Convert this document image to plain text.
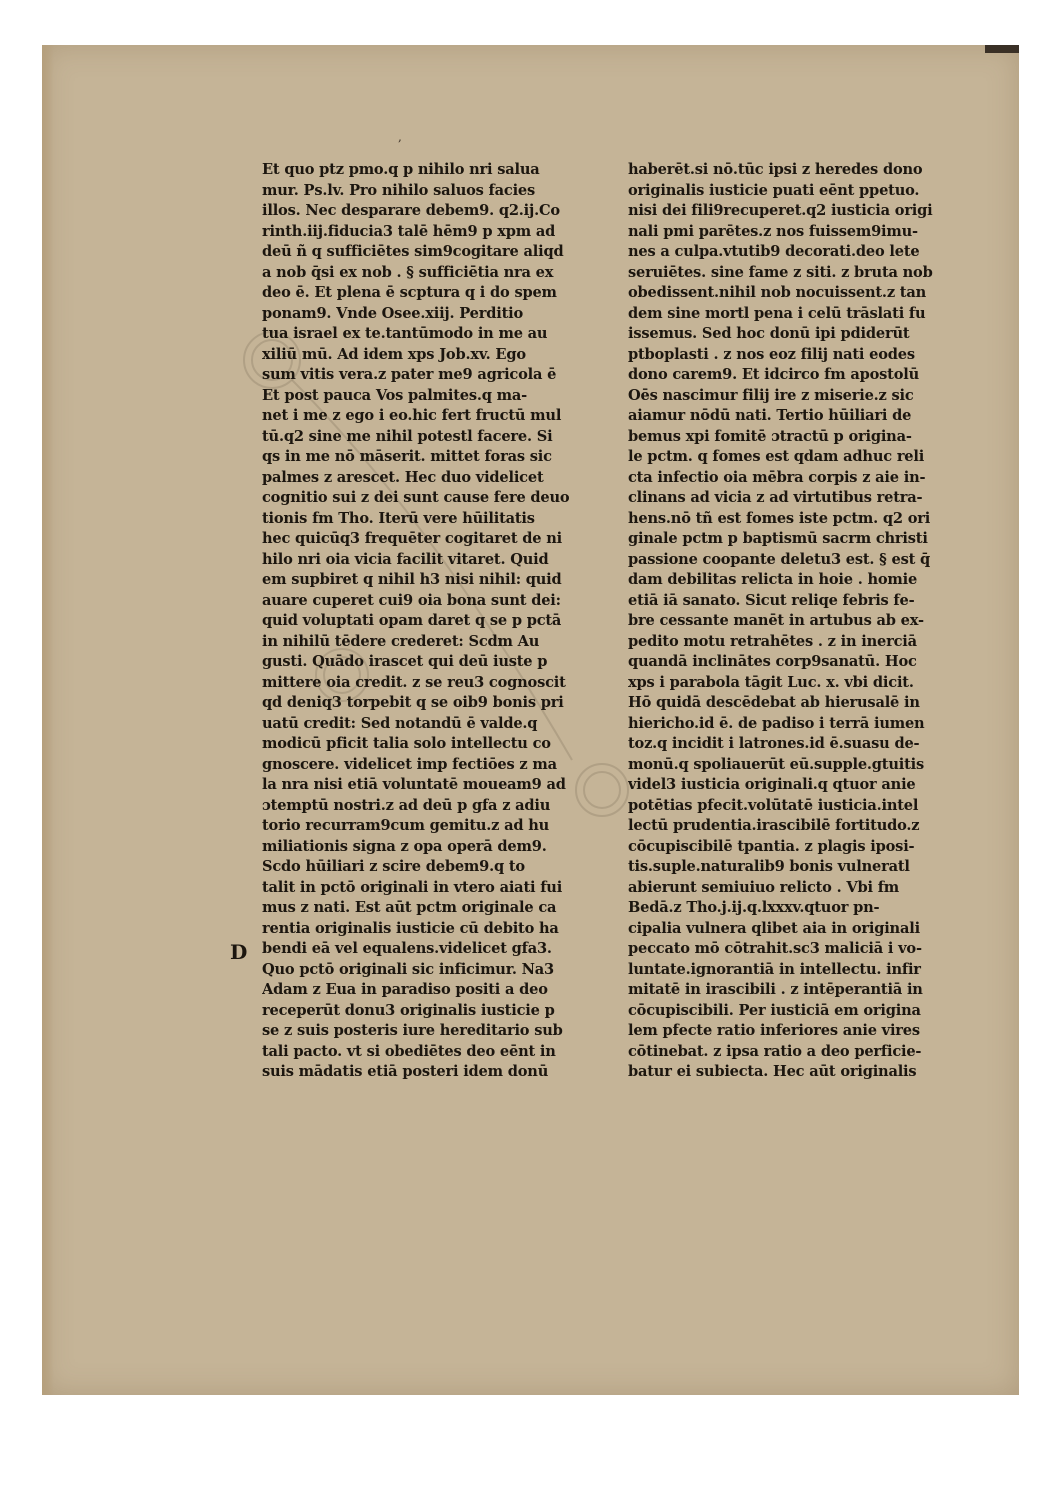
,
Et quo ptz pmo.q p nihilo nri salua
mur. Ps.lv. Pro nihilo saluos facies
illos. Nec desparare debem9. q2.ij.Co
rinth.iij.fiducia3 talē hēm9 p xpm ad
deū ñ q sufficiētes sim9cogitare aliqd
a nob q̄si ex nob . § sufficiētia nra ex
deo ē. Et plena ē scptura q i do spem
ponam9. Vnde Osee.xiij. Perditio
tua israel ex te.tantūmodo in me au
xiliū mū. Ad idem xps Job.xv. Ego
sum vitis vera.z pater me9 agricola ē
Et post pauca Vos palmites.q ma-
net i me z ego i eo.hic fert fructū mul
tū.q2 sine me nihil potestl facere. Si
qs in me nō māserit. mittet foras sic
palmes z arescet. Hec duo videlicet
cognitio sui z dei sunt cause fere deuo
tionis fm Tho. Iterū vere hūilitatis
hec quicūq3 frequēter cogitaret de ni
hilo nri oia vicia facilit vitaret. Quid
em supbiret q nihil h3 nisi nihil: quid
auare cuperet cui9 oia bona sunt dei:
quid voluptati opam daret q se p pctā
in nihilū tēdere crederet: Scdm Au
gusti. Quādo irascet qui deū iuste p
mittere oia credit. z se reu3 cognoscit
qd deniq3 torpebit q se oib9 bonis pri
uatū credit: Sed notandū ē valde.q
modicū pficit talia solo intellectu co
gnoscere. videlicet imp fectiōes z ma
la nra nisi etiā voluntatē moueam9 ad
ɔtemptū nostri.z ad deū p gfa z adiu
torio recurram9cum gemitu.z ad hu
miliationis signa z opa operā dem9.
Scdo hūiliari z scire debem9.q to
talit in pctō originali in vtero aiati fui
mus z nati. Est aūt pctm originale ca
rentia originalis iusticie cū debito ha
bendi eā vel equalens.videlicet gfa3.
Quo pctō originali sic inficimur. Na3
Adam z Eua in paradiso positi a deo
receperūt donu3 originalis iusticie p
se z suis posteris iure hereditario sub
tali pacto. vt si obediētes deo eēnt in
suis mādatis etiā posteri idem donū
haberēt.si nō.tūc ipsi z heredes dono
originalis iusticie puati eēnt ppetuo.
nisi dei fili9recuperet.q2 iusticia origi
nali pmi parētes.z nos fuissem9imu-
nes a culpa.vtutib9 decorati.deo lete
seruiētes. sine fame z siti. z bruta nob
obedissent.nihil nob nocuissent.z tan
dem sine mortl pena i celū trāslati fu
issemus. Sed hoc donū ipi pdiderūt
ptboplasti . z nos eoz filij nati eodes
dono carem9. Et idcirco fm apostolū
Oēs nascimur filij ire z miserie.z sic
aiamur nōdū nati. Tertio hūiliari de
bemus xpi fomitē ɔtractū p origina-
le pctm. q fomes est qdam adhuc reli
cta infectio oia mēbra corpis z aie in-
clinans ad vicia z ad virtutibus retra-
hens.nō tñ est fomes iste pctm. q2 ori
ginale pctm p baptismū sacrm christi
passione coopante deletu3 est. § est q̄
dam debilitas relicta in hoie . homie
etiā iā sanato. Sicut reliqe febris fe-
bre cessante manēt in artubus ab ex-
pedito motu retrahētes . z in inerciā
quandā inclinātes corp9sanatū. Hoc
xps i parabola tāgit Luc. x. vbi dicit.
Hō quidā descēdebat ab hierusalē in
hiericho.id ē. de padiso i terrā iumen
toz.q incidit i latrones.id ē.suasu de-
monū.q spoliauerūt eū.supple.gtuitis
videl3 iusticia originali.q qtuor anie
potētias pfecit.volūtatē iusticia.intel
lectū prudentia.irascibilē fortitudo.z
cōcupiscibilē tpantia. z plagis iposi-
tis.suple.naturalib9 bonis vulneratl
abierunt semiuiuo relicto . Vbi fm
Bedā.z Tho.j.ij.q.lxxxv.qtuor pn-
cipalia vulnera qlibet aia in originali
peccato mō cōtrahit.sc3 maliciā i vo-
luntate.ignorantiā in intellectu. infir
mitatē in irascibili . z intēperantiā in
cōcupiscibili. Per iusticiā em origina
lem pfecte ratio inferiores anie vires
cōtinebat. z ipsa ratio a deo perficie-
batur ei subiecta. Hec aūt originalis
D
